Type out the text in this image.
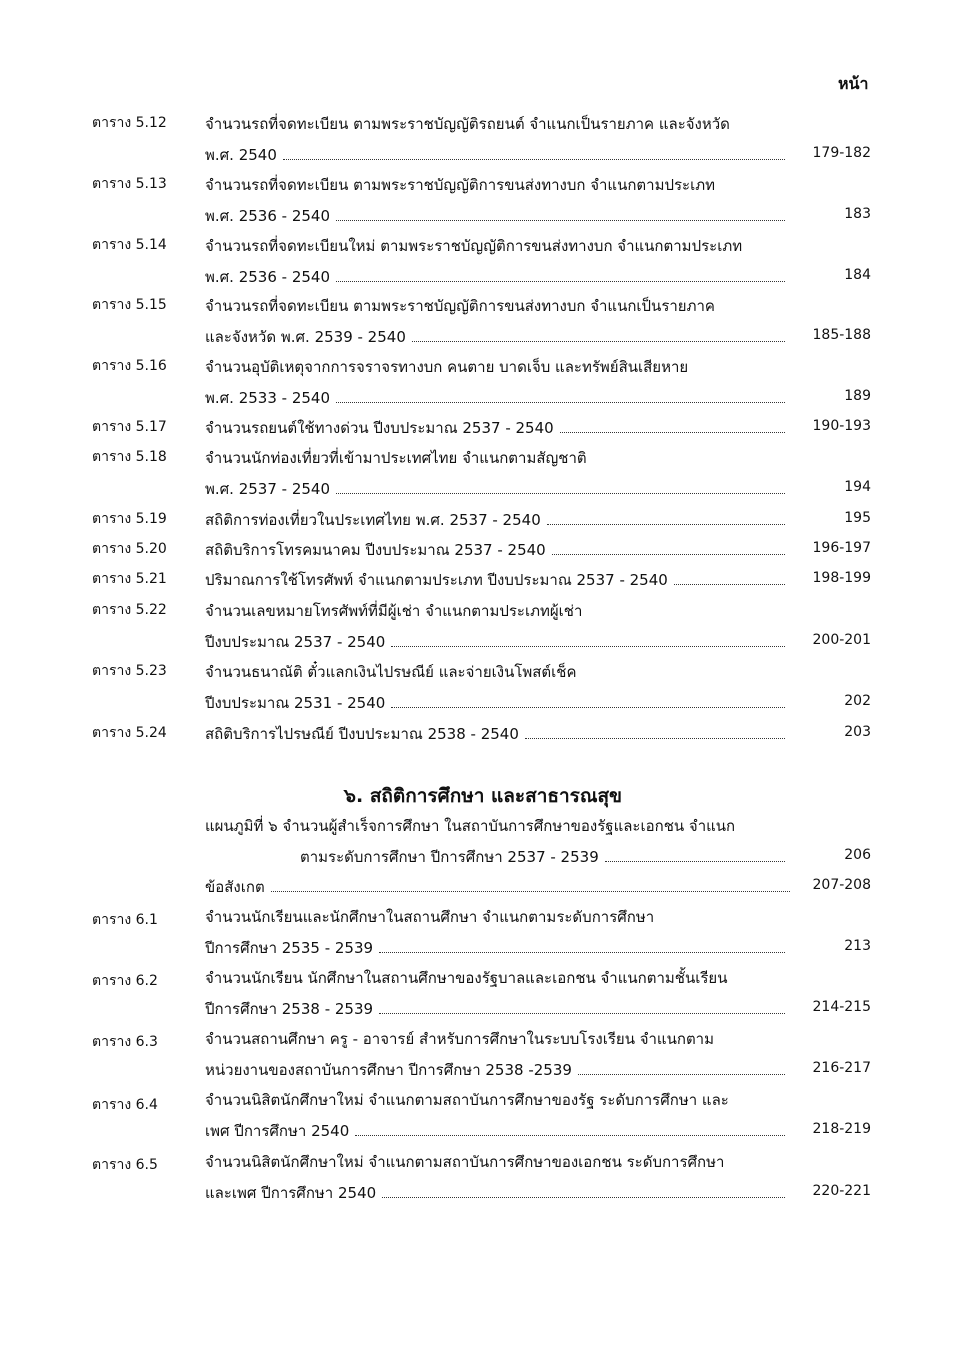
หน้า
ตาราง 5.12	จำนวนรถที่จดทะเบียน ตามพระราชบัญญัติรถยนต์ จำแนกเป็นรายภาค และจังหวัด
พ.ศ. 2540	179-182
ตาราง 5.13	จำนวนรถที่จดทะเบียน ตามพระราชบัญญัติการขนส่งทางบก จำแนกตามประเภท
พ.ศ. 2536 - 2540	183
ตาราง 5.14	จำนวนรถที่จดทะเบียนใหม่ ตามพระราชบัญญัติการขนส่งทางบก จำแนกตามประเภท
พ.ศ. 2536 - 2540	184
ตาราง 5.15	จำนวนรถที่จดทะเบียน ตามพระราชบัญญัติการขนส่งทางบก จำแนกเป็นรายภาค
และจังหวัด พ.ศ. 2539 - 2540	185-188
ตาราง 5.16	จำนวนอุบัติเหตุจากการจราจรทางบก คนตาย บาดเจ็บ และทรัพย์สินเสียหาย
พ.ศ. 2533 - 2540	189
ตาราง 5.17	จำนวนรถยนต์ใช้ทางด่วน ปีงบประมาณ 2537 - 2540	190-193
ตาราง 5.18	จำนวนนักท่องเที่ยวที่เข้ามาประเทศไทย จำแนกตามสัญชาติ
พ.ศ. 2537 - 2540	194
ตาราง 5.19	สถิติการท่องเที่ยวในประเทศไทย พ.ศ. 2537 - 2540	195
ตาราง 5.20	สถิติบริการโทรคมนาคม ปีงบประมาณ 2537 - 2540	196-197
ตาราง 5.21	ปริมาณการใช้โทรศัพท์ จำแนกตามประเภท ปีงบประมาณ 2537 - 2540	198-199
ตาราง 5.22	จำนวนเลขหมายโทรศัพท์ที่มีผู้เช่า จำแนกตามประเภทผู้เช่า
ปีงบประมาณ 2537 - 2540	200-201
ตาราง 5.23	จำนวนธนาณัติ ตั๋วแลกเงินไปรษณีย์ และจ่ายเงินโพสต์เช็ค
ปีงบประมาณ 2531 - 2540	202
ตาราง 5.24	สถิติบริการไปรษณีย์ ปีงบประมาณ 2538 - 2540	203
๖. สถิติการศึกษา และสาธารณสุข
แผนภูมิที่ ๖ จำนวนผู้สำเร็จการศึกษา ในสถาบันการศึกษาของรัฐและเอกชน จำแนก
ตามระดับการศึกษา ปีการศึกษา 2537 - 2539	206
ข้อสังเกต	207-208
ตาราง 6.1	จำนวนนักเรียนและนักศึกษาในสถานศึกษา จำแนกตามระดับการศึกษา
ปีการศึกษา 2535 - 2539	213
ตาราง 6.2	จำนวนนักเรียน นักศึกษาในสถานศึกษาของรัฐบาลและเอกชน จำแนกตามชั้นเรียน
ปีการศึกษา 2538 - 2539	214-215
ตาราง 6.3	จำนวนสถานศึกษา ครู - อาจารย์ สำหรับการศึกษาในระบบโรงเรียน จำแนกตาม
หน่วยงานของสถาบันการศึกษา ปีการศึกษา 2538 -2539	216-217
ตาราง 6.4	จำนวนนิสิตนักศึกษาใหม่ จำแนกตามสถาบันการศึกษาของรัฐ ระดับการศึกษา และ
เพศ ปีการศึกษา 2540	218-219
ตาราง 6.5	จำนวนนิสิตนักศึกษาใหม่ จำแนกตามสถาบันการศึกษาของเอกชน ระดับการศึกษา
และเพศ ปีการศึกษา 2540	220-221
